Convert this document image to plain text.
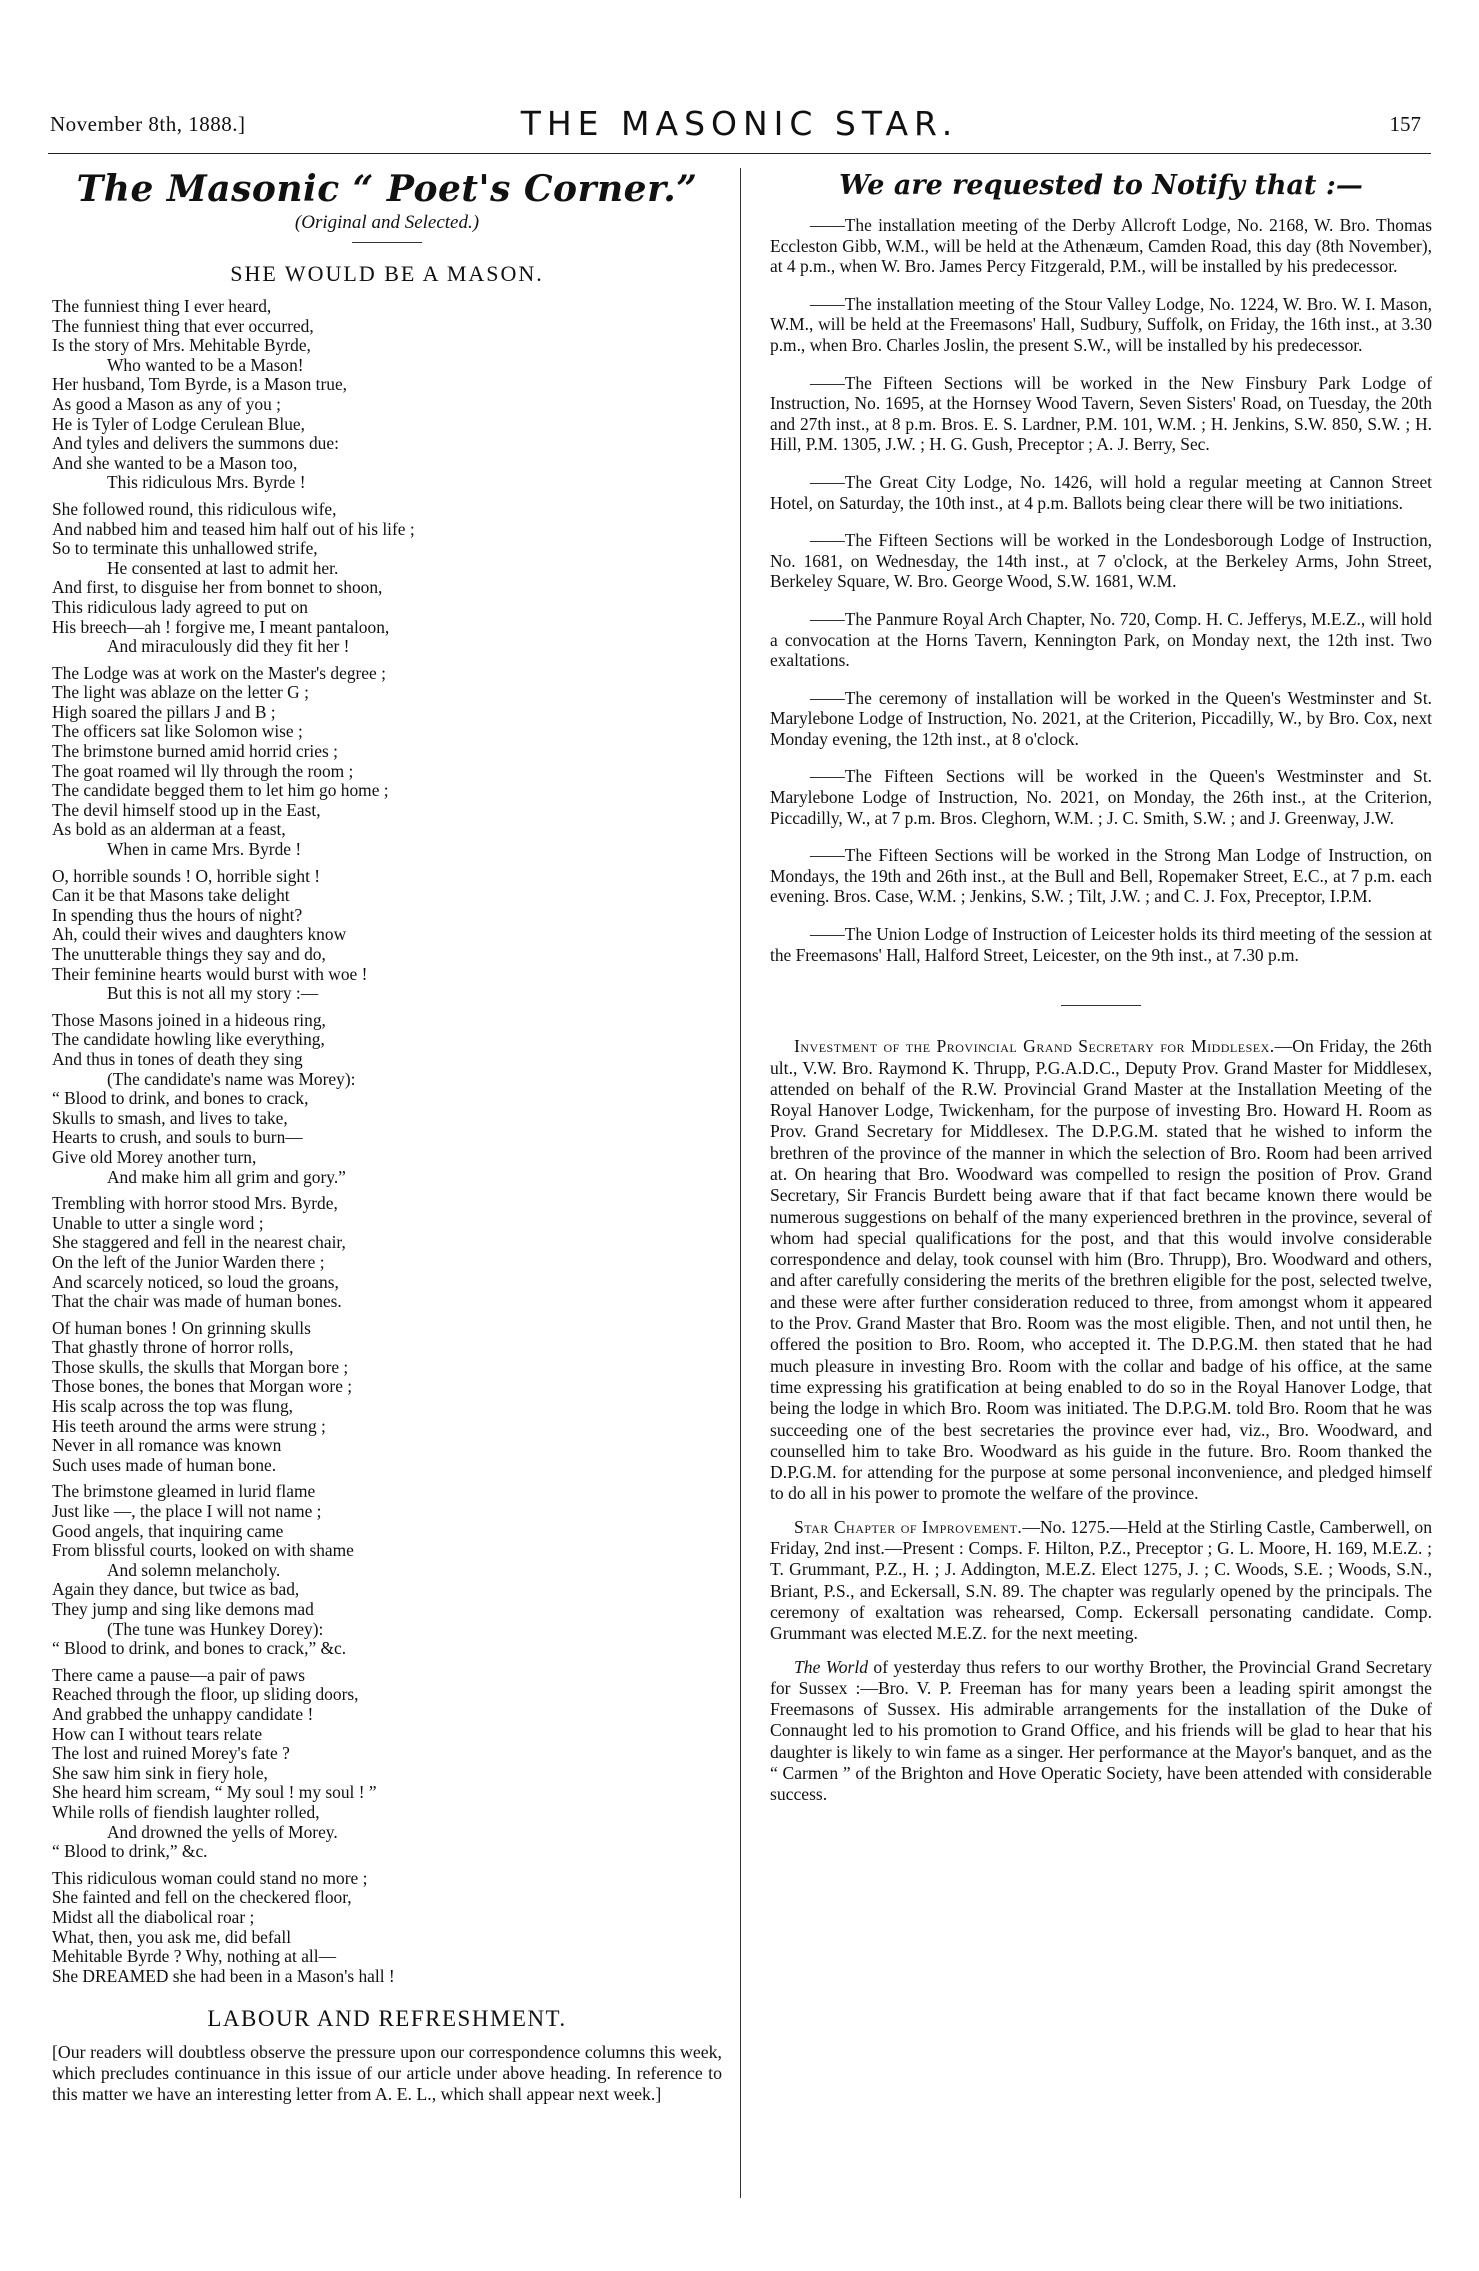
November 8th, 1888.]	THE MASONIC STAR.	157
The Masonic “ Poet's Corner.”
(Original and Selected.)
SHE WOULD BE A MASON.
The funniest thing I ever heard,
The funniest thing that ever occurred,
Is the story of Mrs. Mehitable Byrde,
Who wanted to be a Mason!
Her husband, Tom Byrde, is a Mason true,
As good a Mason as any of you ;
He is Tyler of Lodge Cerulean Blue,
And tyles and delivers the summons due:
And she wanted to be a Mason too,
This ridiculous Mrs. Byrde !
She followed round, this ridiculous wife,
And nabbed him and teased him half out of his life ;
So to terminate this unhallowed strife,
He consented at last to admit her.
And first, to disguise her from bonnet to shoon,
This ridiculous lady agreed to put on
His breech—ah ! forgive me, I meant pantaloon,
And miraculously did they fit her !
The Lodge was at work on the Master's degree ;
The light was ablaze on the letter G ;
High soared the pillars J and B ;
The officers sat like Solomon wise ;
The brimstone burned amid horrid cries ;
The goat roamed wil lly through the room ;
The candidate begged them to let him go home ;
The devil himself stood up in the East,
As bold as an alderman at a feast,
When in came Mrs. Byrde !
O, horrible sounds ! O, horrible sight !
Can it be that Masons take delight
In spending thus the hours of night?
Ah, could their wives and daughters know
The unutterable things they say and do,
Their feminine hearts would burst with woe !
But this is not all my story :—
Those Masons joined in a hideous ring,
The candidate howling like everything,
And thus in tones of death they sing
(The candidate's name was Morey):
“ Blood to drink, and bones to crack,
Skulls to smash, and lives to take,
Hearts to crush, and souls to burn—
Give old Morey another turn,
And make him all grim and gory.”
Trembling with horror stood Mrs. Byrde,
Unable to utter a single word ;
She staggered and fell in the nearest chair,
On the left of the Junior Warden there ;
And scarcely noticed, so loud the groans,
That the chair was made of human bones.
Of human bones ! On grinning skulls
That ghastly throne of horror rolls,
Those skulls, the skulls that Morgan bore ;
Those bones, the bones that Morgan wore ;
His scalp across the top was flung,
His teeth around the arms were strung ;
Never in all romance was known
Such uses made of human bone.
The brimstone gleamed in lurid flame
Just like —, the place I will not name ;
Good angels, that inquiring came
From blissful courts, looked on with shame
And solemn melancholy.
Again they dance, but twice as bad,
They jump and sing like demons mad
(The tune was Hunkey Dorey):
“ Blood to drink, and bones to crack,” &c.
There came a pause—a pair of paws
Reached through the floor, up sliding doors,
And grabbed the unhappy candidate !
How can I without tears relate
The lost and ruined Morey's fate ?
She saw him sink in fiery hole,
She heard him scream, “ My soul ! my soul ! ”
While rolls of fiendish laughter rolled,
And drowned the yells of Morey.
“ Blood to drink,” &c.
This ridiculous woman could stand no more ;
She fainted and fell on the checkered floor,
Midst all the diabolical roar ;
What, then, you ask me, did befall
Mehitable Byrde ? Why, nothing at all—
She DREAMED she had been in a Mason's hall !
LABOUR AND REFRESHMENT.

[Our readers will doubtless observe the pressure upon our correspondence columns this week, which precludes continuance in this issue of our article under above heading. In reference to this matter we have an interesting letter from A. E. L., which shall appear next week.]

We are requested to Notify that :—

——The installation meeting of the Derby Allcroft Lodge, No. 2168, W. Bro. Thomas Eccleston Gibb, W.M., will be held at the Athenæum, Camden Road, this day (8th November), at 4 p.m., when W. Bro. James Percy Fitzgerald, P.M., will be installed by his predecessor.

——The installation meeting of the Stour Valley Lodge, No. 1224, W. Bro. W. I. Mason, W.M., will be held at the Freemasons' Hall, Sudbury, Suffolk, on Friday, the 16th inst., at 3.30 p.m., when Bro. Charles Joslin, the present S.W., will be installed by his predecessor.

——The Fifteen Sections will be worked in the New Finsbury Park Lodge of Instruction, No. 1695, at the Hornsey Wood Tavern, Seven Sisters' Road, on Tuesday, the 20th and 27th inst., at 8 p.m. Bros. E. S. Lardner, P.M. 101, W.M. ; H. Jenkins, S.W. 850, S.W. ; H. Hill, P.M. 1305, J.W. ; H. G. Gush, Preceptor ; A. J. Berry, Sec.

——The Great City Lodge, No. 1426, will hold a regular meeting at Cannon Street Hotel, on Saturday, the 10th inst., at 4 p.m. Ballots being clear there will be two initiations.

——The Fifteen Sections will be worked in the Londesborough Lodge of Instruction, No. 1681, on Wednesday, the 14th inst., at 7 o'clock, at the Berkeley Arms, John Street, Berkeley Square, W. Bro. George Wood, S.W. 1681, W.M.

——The Panmure Royal Arch Chapter, No. 720, Comp. H. C. Jefferys, M.E.Z., will hold a convocation at the Horns Tavern, Kennington Park, on Monday next, the 12th inst. Two exaltations.

——The ceremony of installation will be worked in the Queen's Westminster and St. Marylebone Lodge of Instruction, No. 2021, at the Criterion, Piccadilly, W., by Bro. Cox, next Monday evening, the 12th inst., at 8 o'clock.

——The Fifteen Sections will be worked in the Queen's Westminster and St. Marylebone Lodge of Instruction, No. 2021, on Monday, the 26th inst., at the Criterion, Piccadilly, W., at 7 p.m. Bros. Cleghorn, W.M. ; J. C. Smith, S.W. ; and J. Greenway, J.W.

——The Fifteen Sections will be worked in the Strong Man Lodge of Instruction, on Mondays, the 19th and 26th inst., at the Bull and Bell, Ropemaker Street, E.C., at 7 p.m. each evening. Bros. Case, W.M. ; Jenkins, S.W. ; Tilt, J.W. ; and C. J. Fox, Preceptor, I.P.M.

——The Union Lodge of Instruction of Leicester holds its third meeting of the session at the Freemasons' Hall, Halford Street, Leicester, on the 9th inst., at 7.30 p.m.

Investment of the Provincial Grand Secretary for Middlesex.—On Friday, the 26th ult., V.W. Bro. Raymond K. Thrupp, P.G.A.D.C., Deputy Prov. Grand Master for Middlesex, attended on behalf of the R.W. Provincial Grand Master at the Installation Meeting of the Royal Hanover Lodge, Twickenham, for the purpose of investing Bro. Howard H. Room as Prov. Grand Secretary for Middlesex. The D.P.G.M. stated that he wished to inform the brethren of the province of the manner in which the selection of Bro. Room had been arrived at. On hearing that Bro. Woodward was compelled to resign the position of Prov. Grand Secretary, Sir Francis Burdett being aware that if that fact became known there would be numerous suggestions on behalf of the many experienced brethren in the province, several of whom had special qualifications for the post, and that this would involve considerable correspondence and delay, took counsel with him (Bro. Thrupp), Bro. Woodward and others, and after carefully considering the merits of the brethren eligible for the post, selected twelve, and these were after further consideration reduced to three, from amongst whom it appeared to the Prov. Grand Master that Bro. Room was the most eligible. Then, and not until then, he offered the position to Bro. Room, who accepted it. The D.P.G.M. then stated that he had much pleasure in investing Bro. Room with the collar and badge of his office, at the same time expressing his gratification at being enabled to do so in the Royal Hanover Lodge, that being the lodge in which Bro. Room was initiated. The D.P.G.M. told Bro. Room that he was succeeding one of the best secretaries the province ever had, viz., Bro. Woodward, and counselled him to take Bro. Woodward as his guide in the future. Bro. Room thanked the D.P.G.M. for attending for the purpose at some personal inconvenience, and pledged himself to do all in his power to promote the welfare of the province.

Star Chapter of Improvement.—No. 1275.—Held at the Stirling Castle, Camberwell, on Friday, 2nd inst.—Present : Comps. F. Hilton, P.Z., Preceptor ; G. L. Moore, H. 169, M.E.Z. ; T. Grummant, P.Z., H. ; J. Addington, M.E.Z. Elect 1275, J. ; C. Woods, S.E. ; Woods, S.N., Briant, P.S., and Eckersall, S.N. 89. The chapter was regularly opened by the principals. The ceremony of exaltation was rehearsed, Comp. Eckersall personating candidate. Comp. Grummant was elected M.E.Z. for the next meeting.

The World of yesterday thus refers to our worthy Brother, the Provincial Grand Secretary for Sussex :—Bro. V. P. Freeman has for many years been a leading spirit amongst the Freemasons of Sussex. His admirable arrangements for the installation of the Duke of Connaught led to his promotion to Grand Office, and his friends will be glad to hear that his daughter is likely to win fame as a singer. Her performance at the Mayor's banquet, and as the “ Carmen ” of the Brighton and Hove Operatic Society, have been attended with considerable success.
